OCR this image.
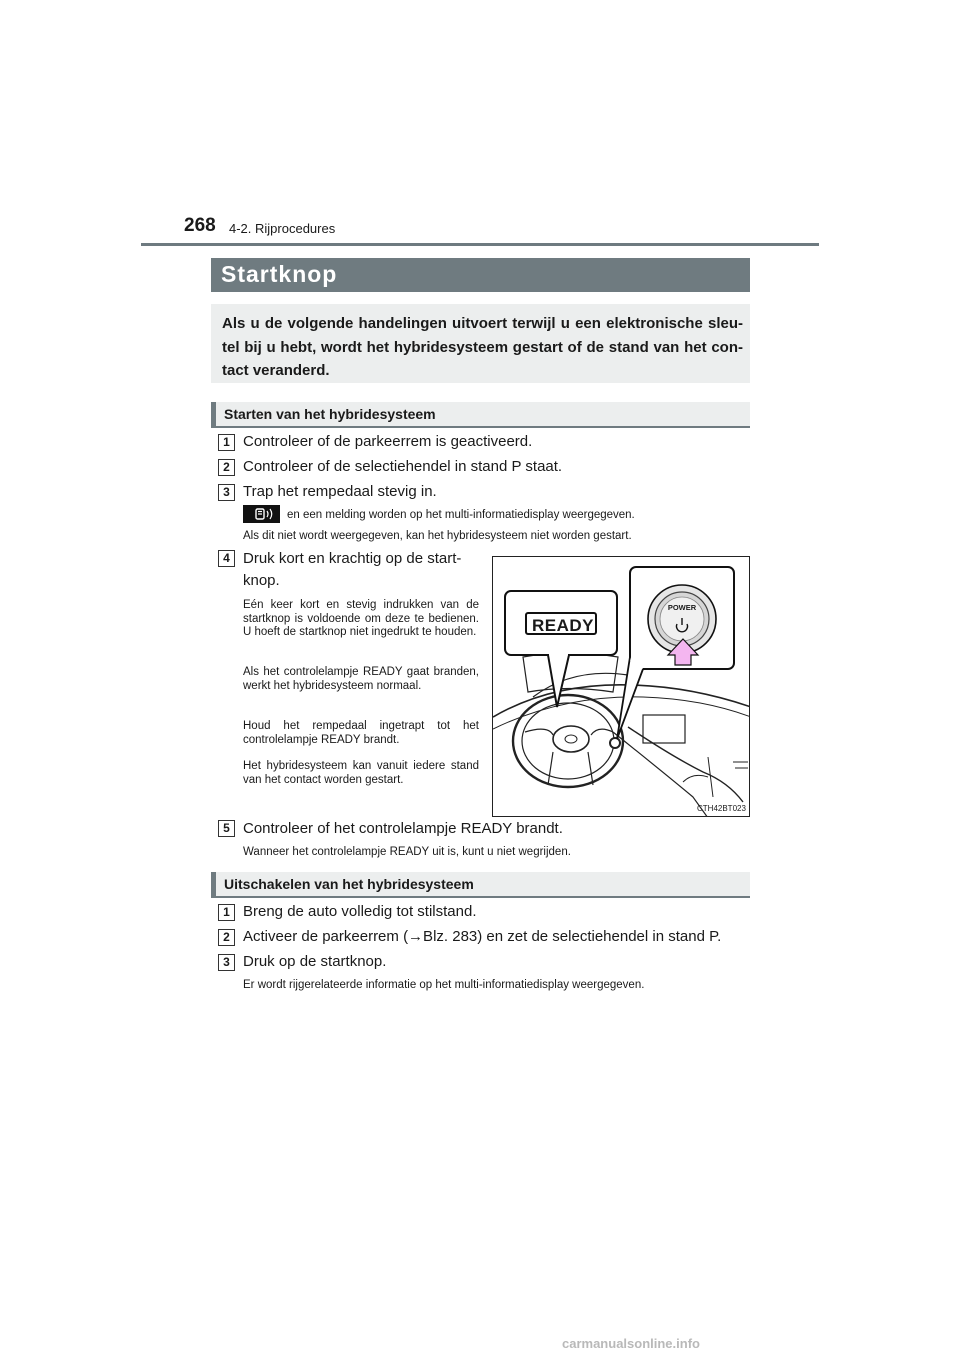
268 4-2. Rijprocedures
Startknop

Als u de volgende handelingen uitvoert terwijl u een elektronische sleu-tel bij u hebt, wordt het hybridesysteem gestart of de stand van het con-tact veranderd.

Starten van het hybridesysteem
1 Controleer of de parkeerrem is geactiveerd.
2 Controleer of de selectiehendel in stand P staat.
3 Trap het rempedaal stevig in.
en een melding worden op het multi-informatiedisplay weergegeven.
Als dit niet wordt weergegeven, kan het hybridesysteem niet worden gestart.
4 Druk kort en krachtig op de start-
knop.

Eén keer kort en stevig indrukken van de startknop is voldoende om deze te bedienen. U hoeft de startknop niet ingedrukt te houden.

Als het controlelampje READY gaat branden, werkt het hybridesysteem normaal.

Houd het rempedaal ingetrapt tot het controlelampje READY brandt.

Het hybridesysteem kan vanuit iedere stand van het contact worden gestart.

READY
POWER
CTH42BT023
5 Controleer of het controlelampje READY brandt.
Wanneer het controlelampje READY uit is, kunt u niet wegrijden.
Uitschakelen van het hybridesysteem
1 Breng de auto volledig tot stilstand.
2 Activeer de parkeerrem (→Blz. 283) en zet de selectiehendel in stand P.
3 Druk op de startknop.
Er wordt rijgerelateerde informatie op het multi-informatiedisplay weergegeven.
carmanualsonline.info
